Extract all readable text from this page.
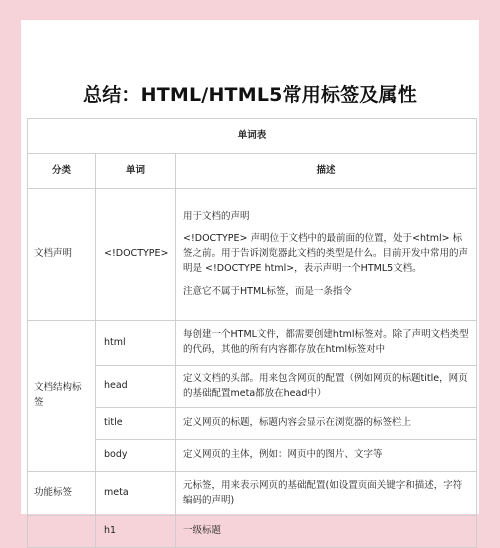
总结：HTML/HTML5常用标签及属性
单词表		
分类	单词	描述
文档声明	<!DOCTYPE>	用于文档的声明

<!DOCTYPE> 声明位于文档中的最前面的位置，处于<html> 标签之前。用于告诉浏览器此文档的类型是什么。目前开发中常用的声明是 <!DOCTYPE html>，表示声明一个HTML5文档。

注意它不属于HTML标签，而是一条指令

文档结构标签	html	每创建一个HTML文件，都需要创建html标签对。除了声明文档类型的代码，其他的所有内容都存放在html标签对中
	head	定义文档的头部。用来包含网页的配置（例如网页的标题title，网页的基础配置meta都放在head中）
	title	定义网页的标题，标题内容会显示在浏览器的标签栏上
	body	定义网页的主体，例如：网页中的图片、文字等
功能标签	meta	元标签，用来表示网页的基础配置(如设置页面关键字和描述，字符编码的声明)
	h1	一级标题
